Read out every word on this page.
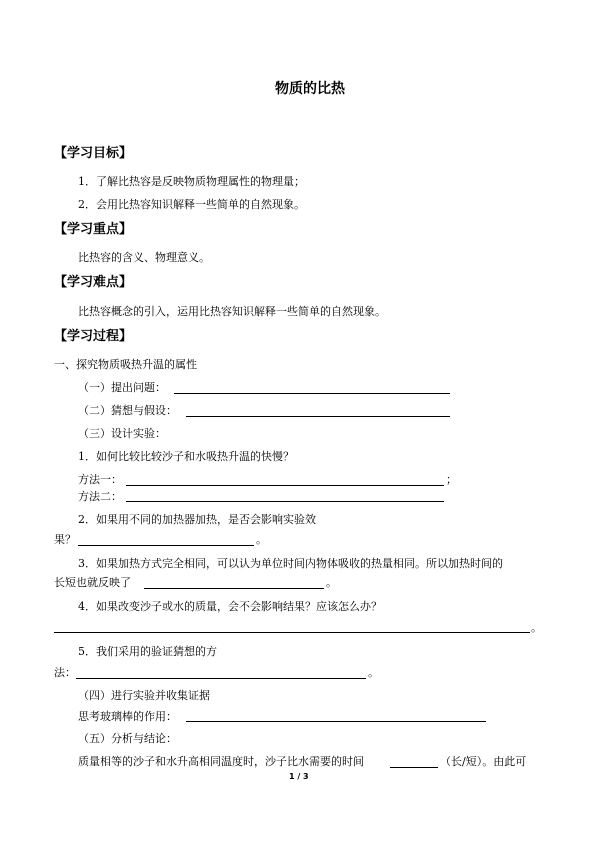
物质的比热
【学习目标】
1．了解比热容是反映物质物理属性的物理量；
2．会用比热容知识解释一些简单的自然现象。
【学习重点】
比热容的含义、物理意义。
【学习难点】
比热容概念的引入，运用比热容知识解释一些简单的自然现象。
【学习过程】
一、探究物质吸热升温的属性
（一）提出问题：
（二）猜想与假设：
（三）设计实验：
1．如何比较比较沙子和水吸热升温的快慢？
方法一：	；
方法二：
2．如果用不同的加热器加热，是否会影响实验效
果？	。
3．如果加热方式完全相同，可以认为单位时间内物体吸收的热量相同。所以加热时间的
长短也就反映了	。
4．如果改变沙子或水的质量，会不会影响结果？应该怎么办？
。
5．我们采用的验证猜想的方
法：	。
（四）进行实验并收集证据
思考玻璃棒的作用：
（五）分析与结论：
质量相等的沙子和水升高相同温度时，沙子比水需要的时间	（长/短）。由此可
1 / 3
